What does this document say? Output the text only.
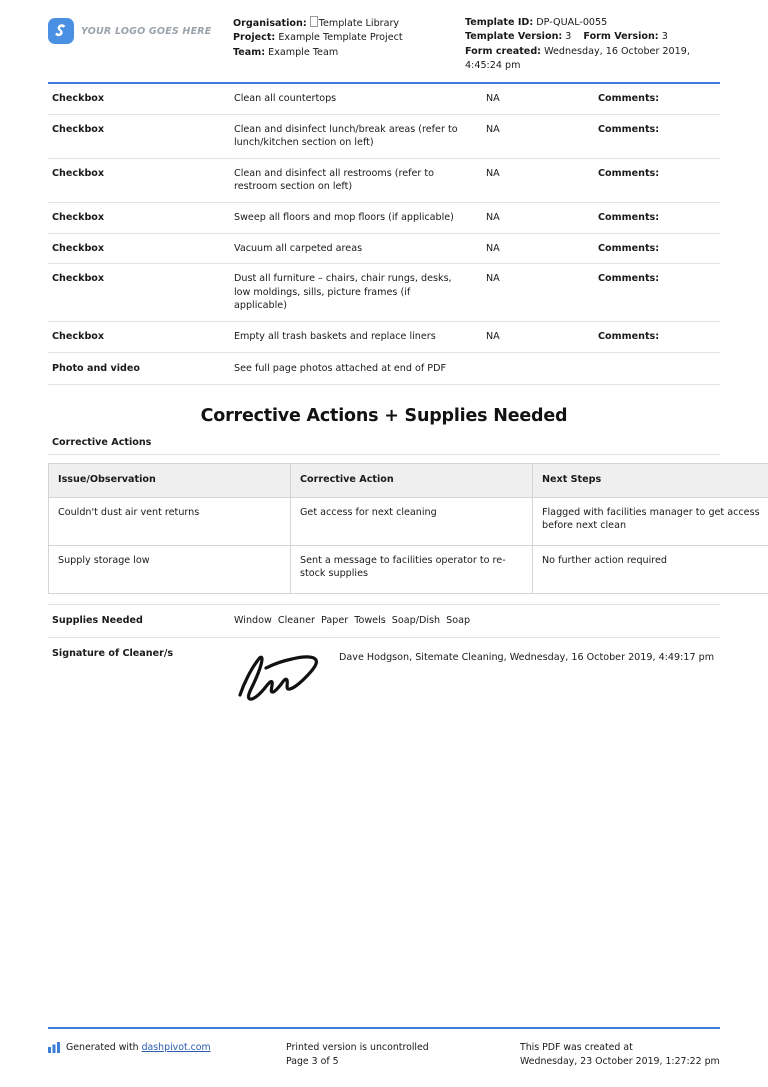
YOUR LOGO GOES HERE
Organisation: Template Library
Project: Example Template Project
Team: Example Team
Template ID: DP-QUAL-0055
Template Version: 3 Form Version: 3
Form created: Wednesday, 16 October 2019, 4:45:24 pm
Checkbox	Clean all countertops	NA	Comments:
Checkbox	Clean and disinfect lunch/break areas (refer to lunch/kitchen section on left)	NA	Comments:
Checkbox	Clean and disinfect all restrooms (refer to restroom section on left)	NA	Comments:
Checkbox	Sweep all floors and mop floors (if applicable)	NA	Comments:
Checkbox	Vacuum all carpeted areas	NA	Comments:
Checkbox	Dust all furniture – chairs, chair rungs, desks, low moldings, sills, picture frames (if applicable)	NA	Comments:
Checkbox	Empty all trash baskets and replace liners	NA	Comments:
Photo and video	See full page photos attached at end of PDF		
Corrective Actions + Supplies Needed
Corrective Actions
Issue/Observation	Corrective Action	Next Steps
Couldn't dust air vent returns	Get access for next cleaning	Flagged with facilities manager to get access before next clean
Supply storage low	Sent a message to facilities operator to re-stock supplies	No further action required
Supplies Needed	Window Cleaner Paper Towels Soap/Dish Soap
Signature of Cleaner/s	Dave Hodgson, Sitemate Cleaning, Wednesday, 16 October 2019, 4:49:17 pm
Generated with dashpivot.com	Printed version is uncontrolled
Page 3 of 5
This PDF was created at
Wednesday, 23 October 2019, 1:27:22 pm
